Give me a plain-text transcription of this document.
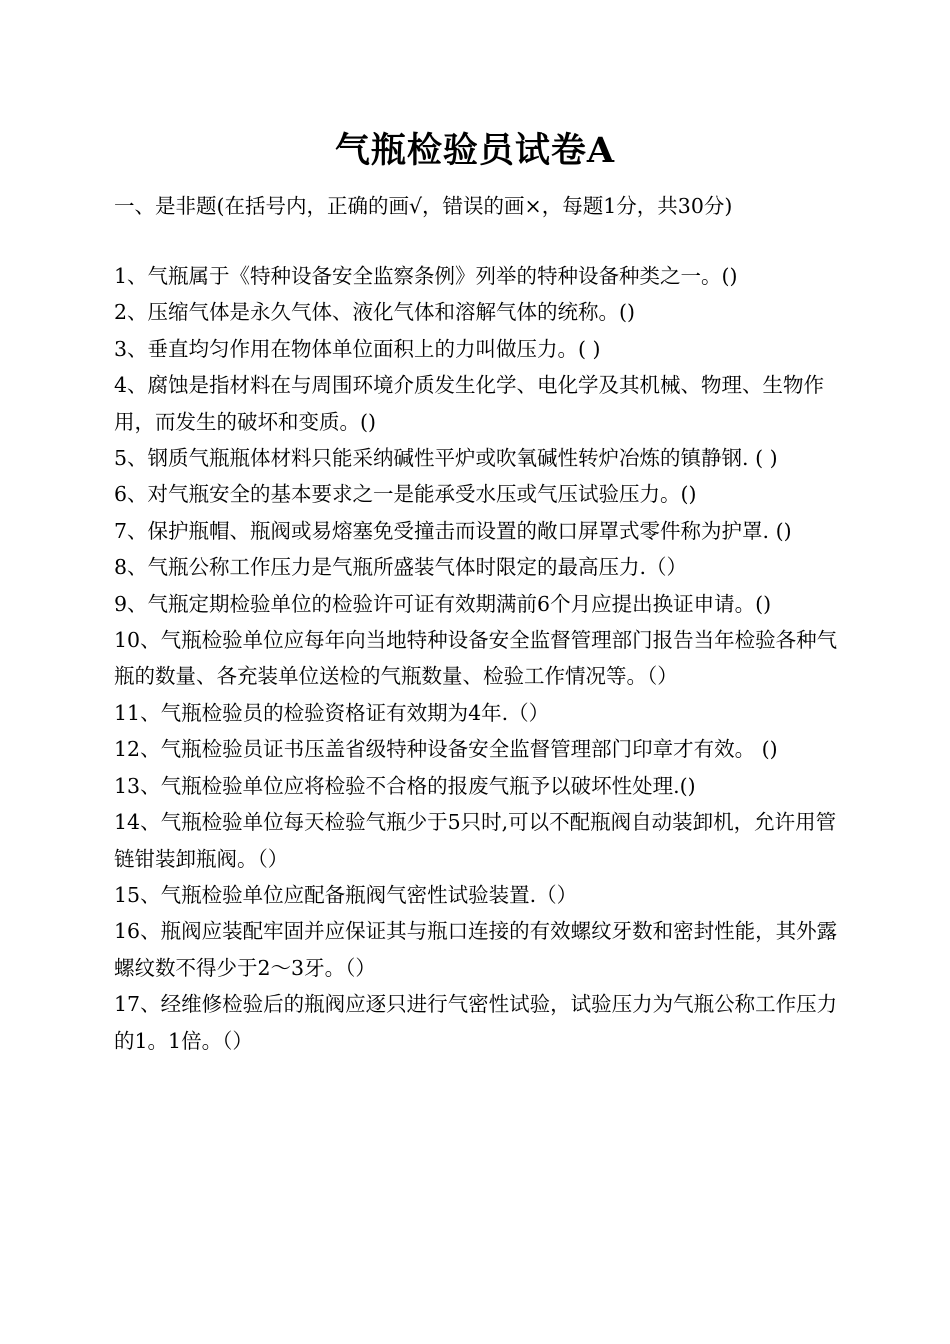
气瓶检验员试卷A

一、是非题(在括号内，正确的画√，错误的画×，每题1分，共30分)

1、气瓶属于《特种设备安全监察条例》列举的特种设备种类之一。()
2、压缩气体是永久气体、液化气体和溶解气体的统称。()
3、垂直均匀作用在物体单位面积上的力叫做压力。( )
4、腐蚀是指材料在与周围环境介质发生化学、电化学及其机械、物理、生物作用，而发生的破坏和变质。()
5、钢质气瓶瓶体材料只能采纳碱性平炉或吹氧碱性转炉冶炼的镇静钢. ( )
6、对气瓶安全的基本要求之一是能承受水压或气压试验压力。()
7、保护瓶帽、瓶阀或易熔塞免受撞击而设置的敞口屏罩式零件称为护罩. ()
8、气瓶公称工作压力是气瓶所盛装气体时限定的最高压力.（）
9、气瓶定期检验单位的检验许可证有效期满前6个月应提出换证申请。()
10、气瓶检验单位应每年向当地特种设备安全监督管理部门报告当年检验各种气瓶的数量、各充装单位送检的气瓶数量、检验工作情况等。（）
11、气瓶检验员的检验资格证有效期为4年.（）
12、气瓶检验员证书压盖省级特种设备安全监督管理部门印章才有效。 ()
13、气瓶检验单位应将检验不合格的报废气瓶予以破坏性处理.()
14、气瓶检验单位每天检验气瓶少于5只时,可以不配瓶阀自动装卸机，允许用管链钳装卸瓶阀。（）
15、气瓶检验单位应配备瓶阀气密性试验装置.（）
16、瓶阀应装配牢固并应保证其与瓶口连接的有效螺纹牙数和密封性能，其外露螺纹数不得少于2～3牙。（）
17、经维修检验后的瓶阀应逐只进行气密性试验，试验压力为气瓶公称工作压力的1。1倍。（）
